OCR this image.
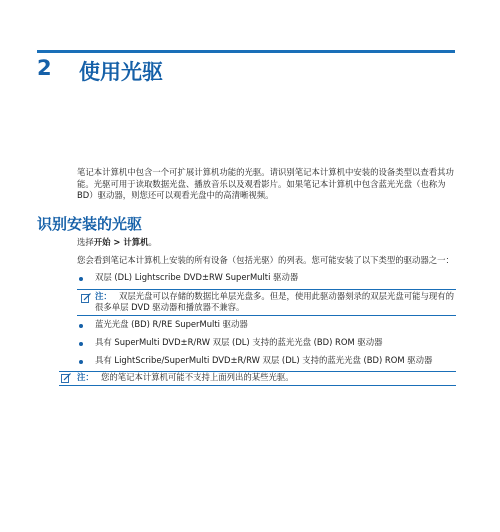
2 使用光驱
笔记本计算机中包含一个可扩展计算机功能的光驱。请识别笔记本计算机中安装的设备类型以查看其功能。光驱可用于读取数据光盘、播放音乐以及观看影片。如果笔记本计算机中包含蓝光光盘（也称为 BD）驱动器，则您还可以观看光盘中的高清晰视频。
识别安装的光驱
选择开始 > 计算机。
您会看到笔记本计算机上安装的所有设备（包括光驱）的列表。您可能安装了以下类型的驱动器之一：
双层 (DL) Lightscribe DVD±RW SuperMulti 驱动器
注： 双层光盘可以存储的数据比单层光盘多。但是，使用此驱动器刻录的双层光盘可能与现有的
很多单层 DVD 驱动器和播放器不兼容。
蓝光光盘 (BD) R/RE SuperMulti 驱动器
具有 SuperMulti DVD±R/RW 双层 (DL) 支持的蓝光光盘 (BD) ROM 驱动器
具有 LightScribe/SuperMulti DVD±R/RW 双层 (DL) 支持的蓝光光盘 (BD) ROM 驱动器
注： 您的笔记本计算机可能不支持上面列出的某些光驱。
